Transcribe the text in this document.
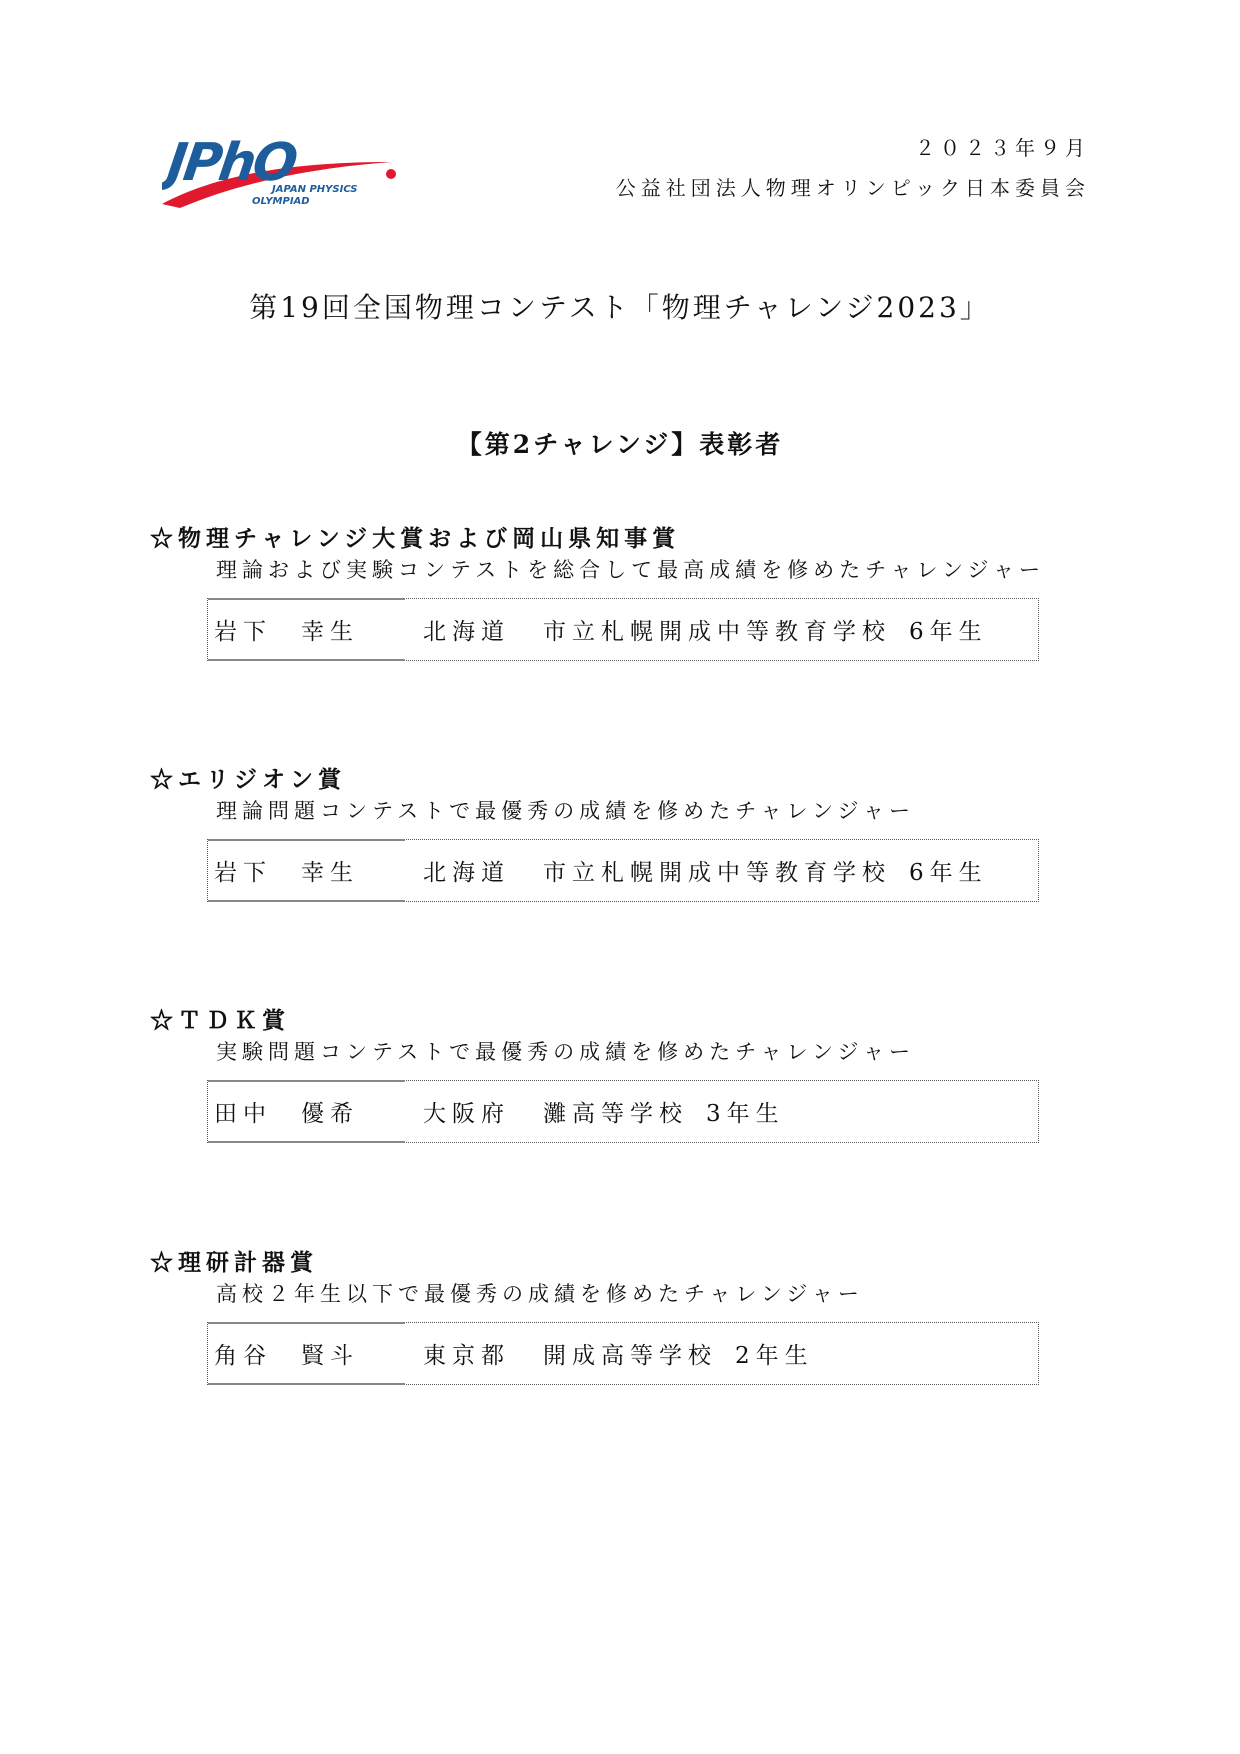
JPhO
JAPAN PHYSICS
OLYMPIAD
２０２３年９月
公益社団法人物理オリンピック日本委員会
第19回全国物理コンテスト「物理チャレンジ2023」
【第2チャレンジ】表彰者

☆物理チャレンジ大賞および岡山県知事賞

理論および実験コンテストを総合して最高成績を修めたチャレンジャー

岩下　幸生	北海道	市立札幌開成中等教育学校 6年生

☆エリジオン賞

理論問題コンテストで最優秀の成績を修めたチャレンジャー

岩下　幸生	北海道	市立札幌開成中等教育学校 6年生

☆ＴＤＫ賞

実験問題コンテストで最優秀の成績を修めたチャレンジャー

田中　優希	大阪府	灘高等学校 3年生

☆理研計器賞

高校２年生以下で最優秀の成績を修めたチャレンジャー

角谷　賢斗	東京都	開成高等学校 2年生
